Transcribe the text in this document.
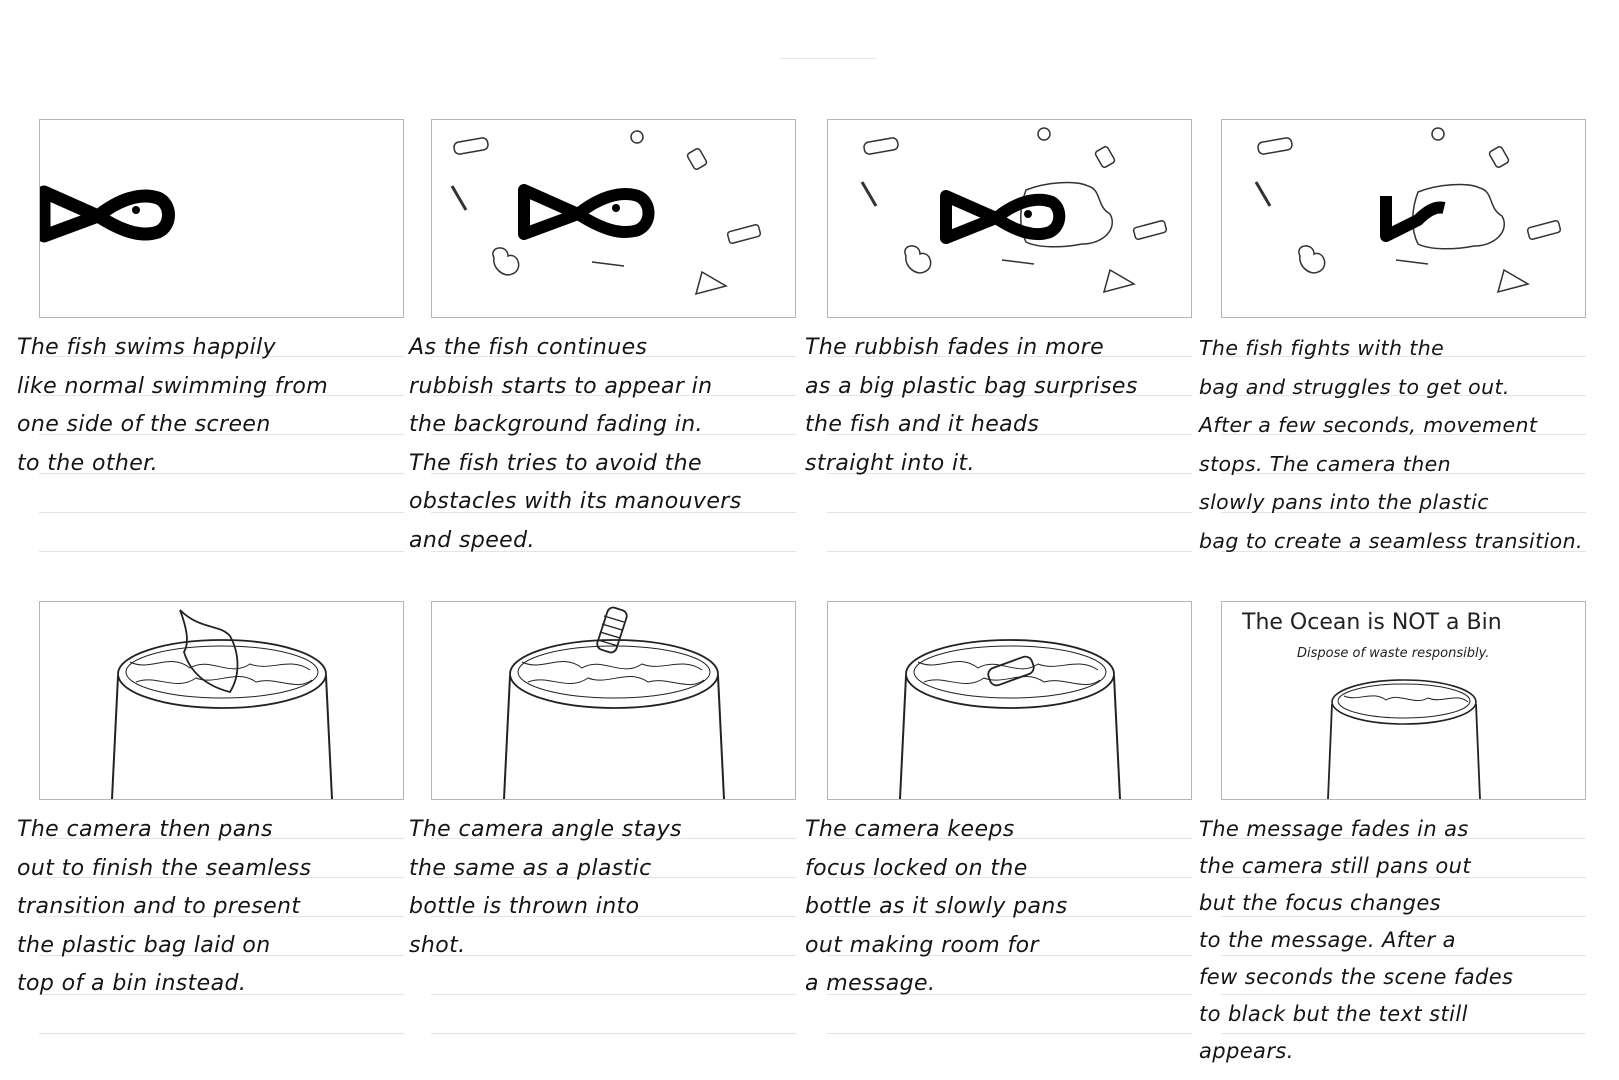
The fish swims happily
like normal swimming from
one side of the screen
to the other.
As the fish continues
rubbish starts to appear in
the background fading in.
The fish tries to avoid the
obstacles with its manouvers
and speed.
The rubbish fades in more
as a big plastic bag surprises
the fish and it heads
straight into it.
The fish fights with the
bag and struggles to get out.
After a few seconds, movement
stops. The camera then
slowly pans into the plastic
bag to create a seamless transition.
The camera then pans
out to finish the seamless
transition and to present
the plastic bag laid on
top of a bin instead.
The camera angle stays
the same as a plastic
bottle is thrown into
shot.
The camera keeps
focus locked on the
bottle as it slowly pans
out making room for
a message.
The Ocean is NOT a Bin
Dispose of waste responsibly.
The message fades in as
the camera still pans out
but the focus changes
to the message. After a
few seconds the scene fades
to black but the text still
appears.
